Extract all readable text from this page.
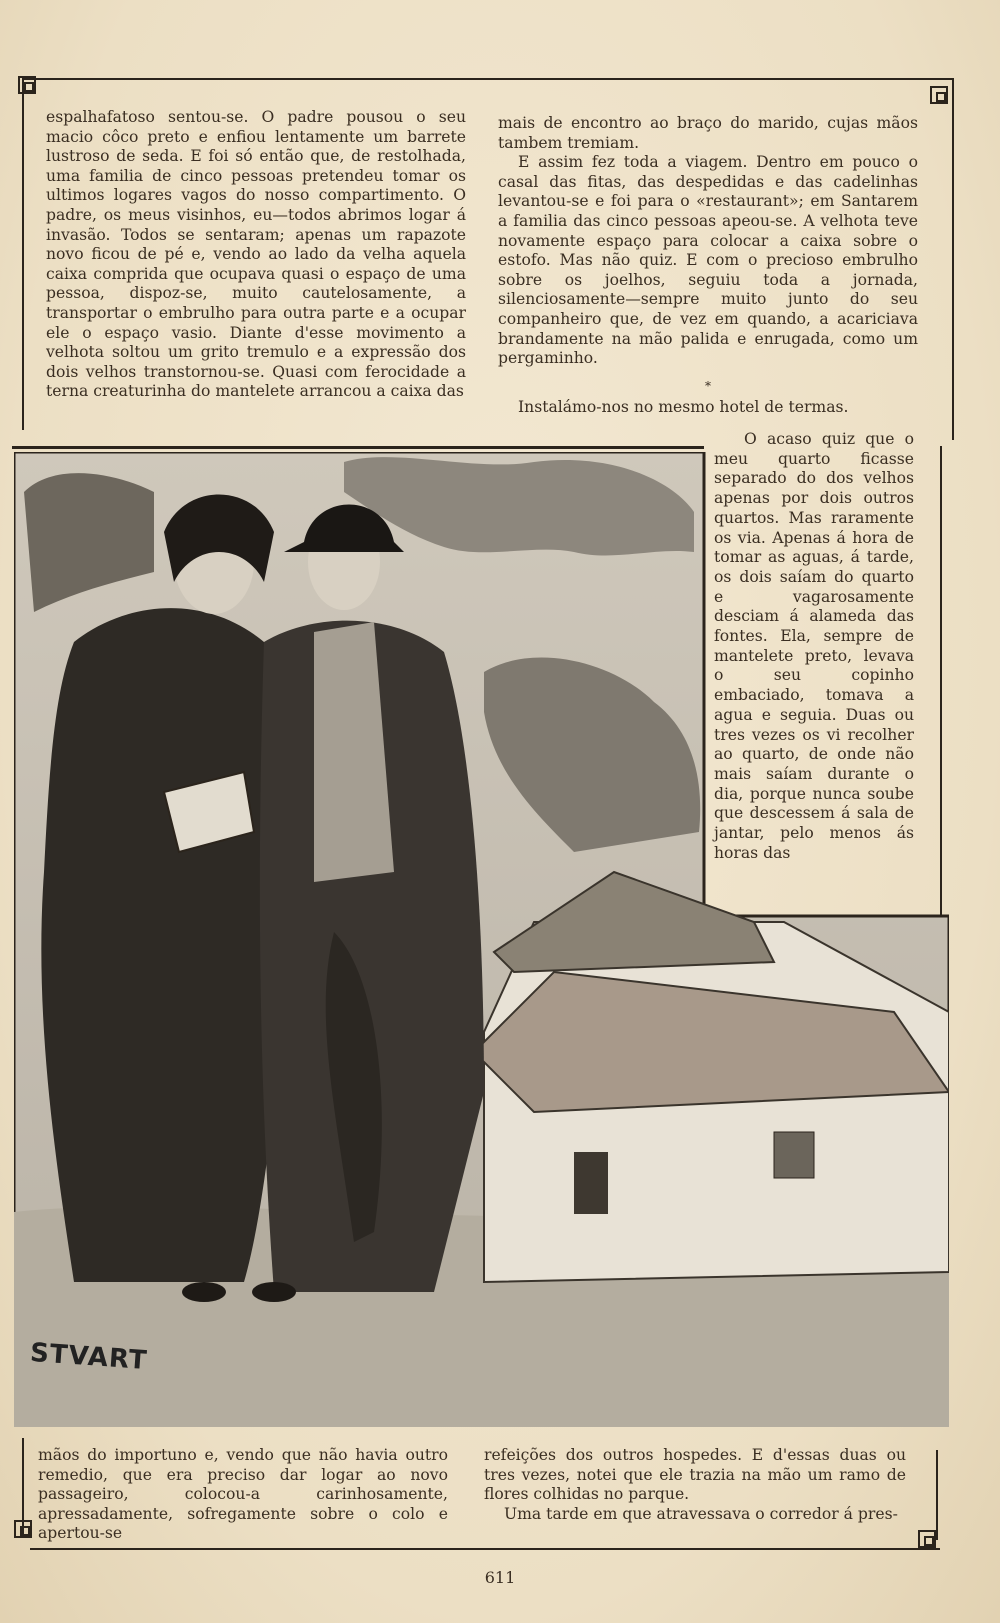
espalhafatoso sentou-se. O padre pousou o seu macio côco preto e enfiou lentamente um barrete lustroso de seda. E foi só então que, de restolhada, uma familia de cinco pessoas pretendeu tomar os ultimos logares vagos do nosso compartimento. O padre, os meus visinhos, eu—todos abrimos logar á invasão. Todos se sentaram; apenas um rapazote novo ficou de pé e, vendo ao lado da velha aquela caixa comprida que ocupava quasi o espaço de uma pessoa, dispoz-se, muito cautelosamente, a transportar o embrulho para outra parte e a ocupar ele o espaço vasio. Diante d'esse movimento a velhota soltou um grito tremulo e a expressão dos dois velhos transtornou-se. Quasi com ferocidade a terna creaturinha do mantelete arrancou a caixa das

mais de encontro ao braço do marido, cujas mãos tambem tremiam.

E assim fez toda a viagem. Dentro em pouco o casal das fitas, das despedidas e das cadelinhas levantou-se e foi para o «restaurant»; em Santarem a familia das cinco pessoas apeou-se. A velhota teve novamente espaço para colocar a caixa sobre o estofo. Mas não quiz. E com o precioso embrulho sobre os joelhos, seguiu toda a jornada, silenciosamente—sempre muito junto do seu companheiro que, de vez em quando, a acariciava brandamente na mão palida e enrugada, como um pergaminho.

*

Instalámo-nos no mesmo hotel de termas.

STVART

O acaso quiz que o meu quarto ficasse separado do dos velhos apenas por dois outros quartos. Mas raramente os via. Apenas á hora de tomar as aguas, á tarde, os dois saíam do quarto e vagarosamente desciam á alameda das fontes. Ela, sempre de mantelete preto, levava o seu copinho embaciado, tomava a agua e seguia. Duas ou tres vezes os vi recolher ao quarto, de onde não mais saíam durante o dia, porque nunca soube que descessem á sala de jantar, pelo menos ás horas das

mãos do importuno e, vendo que não havia outro remedio, que era preciso dar logar ao novo passageiro, colocou-a carinhosamente, apressadamente, sofregamente sobre o colo e apertou-se

refeições dos outros hospedes. E d'essas duas ou tres vezes, notei que ele trazia na mão um ramo de flores colhidas no parque.

Uma tarde em que atravessava o corredor á pres-

611
